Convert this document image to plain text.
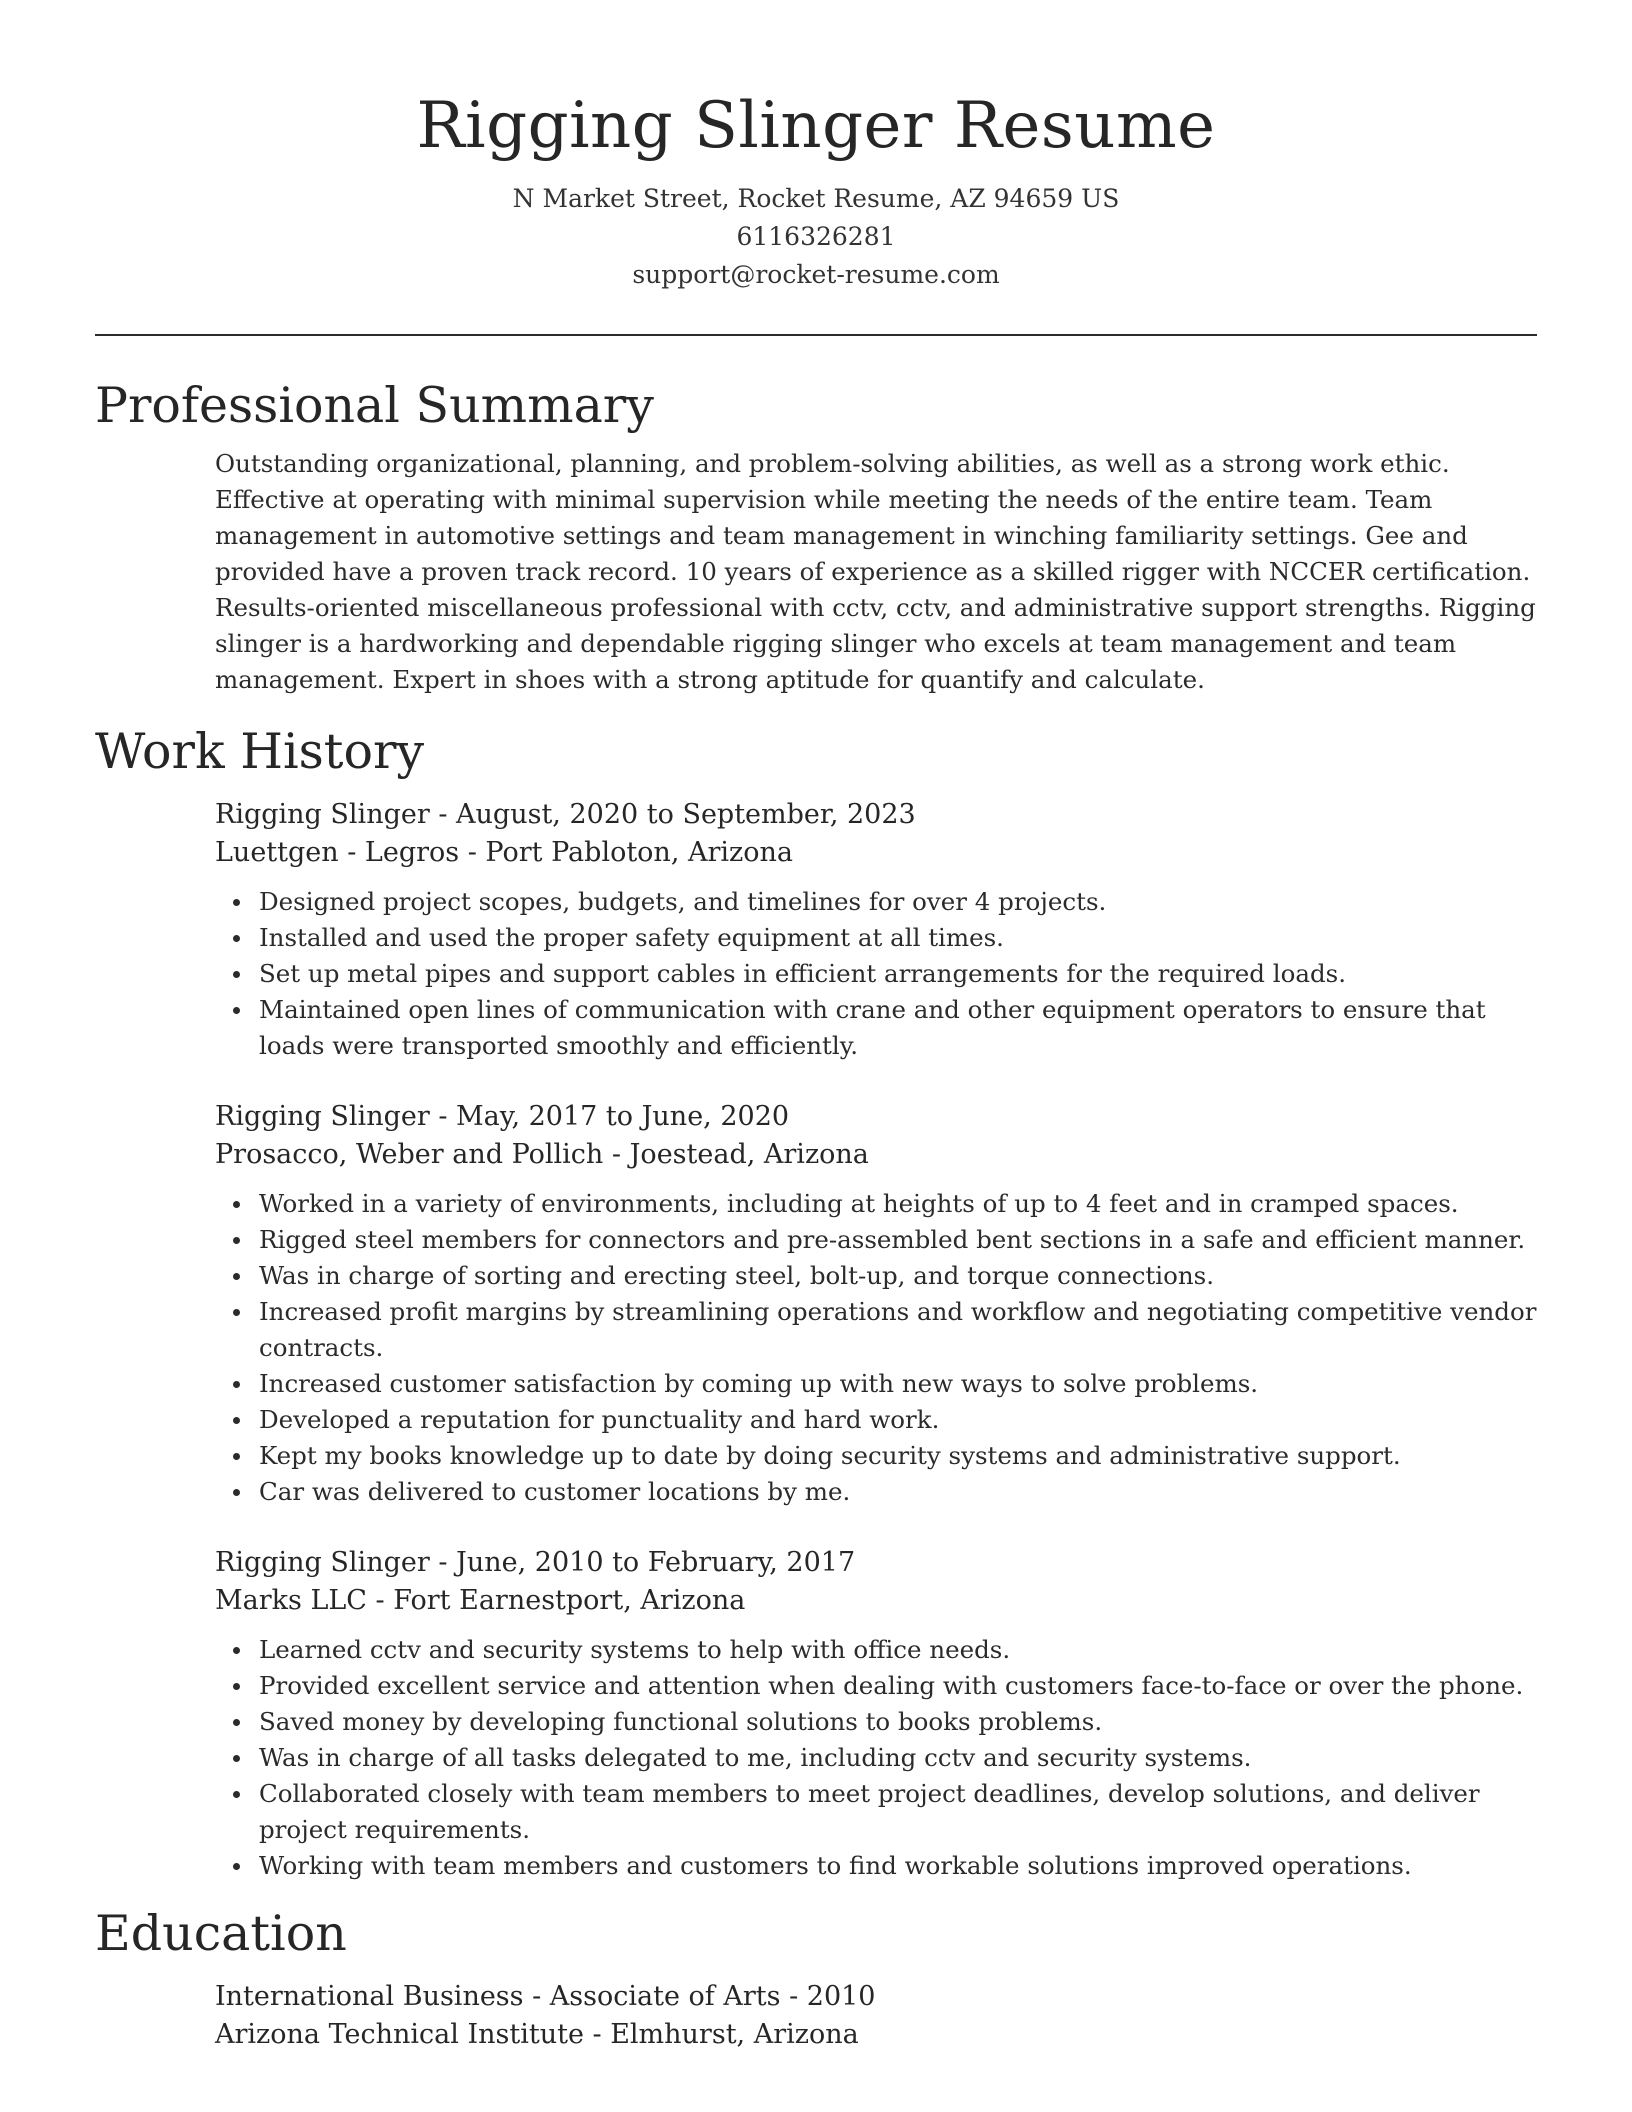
Rigging Slinger Resume
N Market Street, Rocket Resume, AZ 94659 US
6116326281
support@rocket-resume.com
Professional Summary

Outstanding organizational, planning, and problem-solving abilities, as well as a strong work ethic. Effective at operating with minimal supervision while meeting the needs of the entire team. Team management in automotive settings and team management in winching familiarity settings. Gee and provided have a proven track record. 10 years of experience as a skilled rigger with NCCER certification. Results-oriented miscellaneous professional with cctv, cctv, and administrative support strengths. Rigging slinger is a hardworking and dependable rigging slinger who excels at team management and team management. Expert in shoes with a strong aptitude for quantify and calculate.

Work History

Rigging Slinger - August, 2020 to September, 2023

Luettgen - Legros - Port Pabloton, Arizona

Designed project scopes, budgets, and timelines for over 4 projects.
Installed and used the proper safety equipment at all times.
Set up metal pipes and support cables in efficient arrangements for the required loads.
Maintained open lines of communication with crane and other equipment operators to ensure that loads were transported smoothly and efficiently.

Rigging Slinger - May, 2017 to June, 2020

Prosacco, Weber and Pollich - Joestead, Arizona

Worked in a variety of environments, including at heights of up to 4 feet and in cramped spaces.
Rigged steel members for connectors and pre-assembled bent sections in a safe and efficient manner.
Was in charge of sorting and erecting steel, bolt-up, and torque connections.
Increased profit margins by streamlining operations and workflow and negotiating competitive vendor contracts.
Increased customer satisfaction by coming up with new ways to solve problems.
Developed a reputation for punctuality and hard work.
Kept my books knowledge up to date by doing security systems and administrative support.
Car was delivered to customer locations by me.

Rigging Slinger - June, 2010 to February, 2017

Marks LLC - Fort Earnestport, Arizona

Learned cctv and security systems to help with office needs.
Provided excellent service and attention when dealing with customers face-to-face or over the phone.
Saved money by developing functional solutions to books problems.
Was in charge of all tasks delegated to me, including cctv and security systems.
Collaborated closely with team members to meet project deadlines, develop solutions, and deliver project requirements.
Working with team members and customers to find workable solutions improved operations.
Education

International Business - Associate of Arts - 2010

Arizona Technical Institute - Elmhurst, Arizona
